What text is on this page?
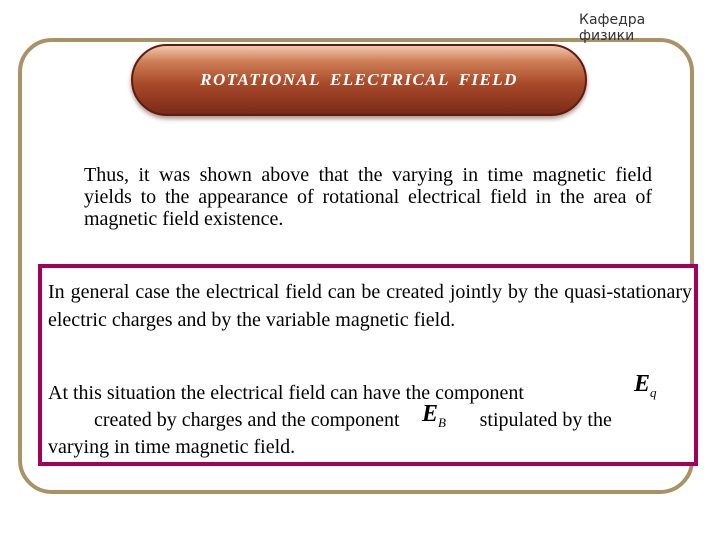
Кафедра физики
ROTATIONAL ELECTRICAL FIELD
Thus, it was shown above that the varying in time magnetic field yields to the appearance of rotational electrical field in the area of magnetic field existence.
In general case the electrical field can be created jointly by the quasi-stationary electric charges and by the variable magnetic field.
At this situation the electrical field can have the component
created by charges and the component	stipulated by the
varying in time magnetic field.
$E_q$
$E_B$
